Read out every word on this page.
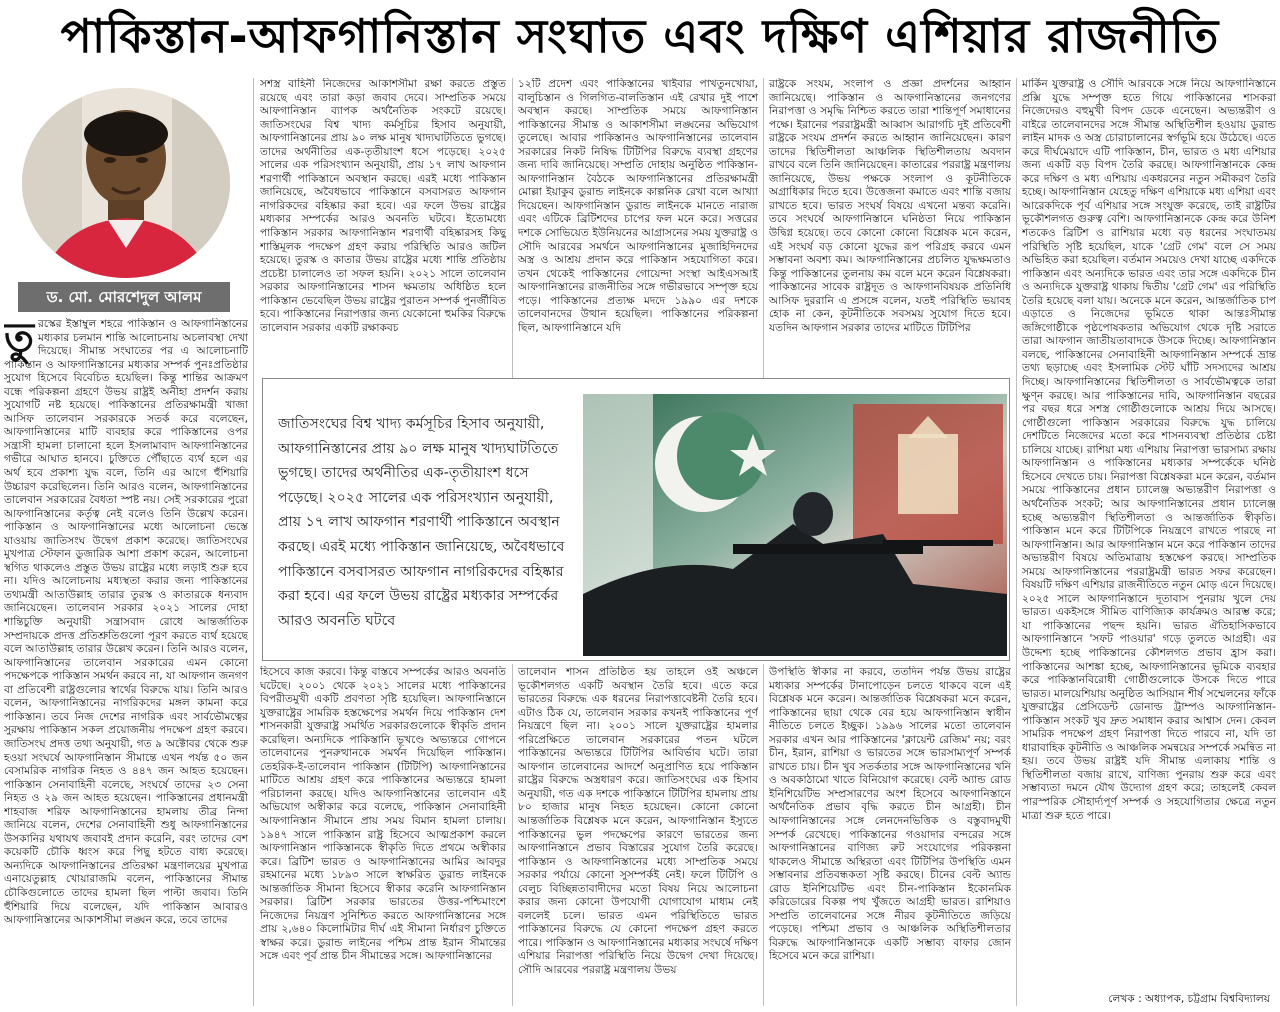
পাকিস্তান-আফগানিস্তান সংঘাত এবং দক্ষিণ এশিয়ার রাজনীতি
ড. মো. মোরশেদুল আলম

তুরস্কের ইস্তাম্বুল শহরে পাকিস্তান ও আফগানিস্তানের মধ্যকার চলমান শান্তি আলোচনায় অচলাবস্থা দেখা দিয়েছে। সীমান্ত সংঘাতের পর এ আলোচনাটি পাকিস্তান ও আফগানিস্তানের মধ্যকার সম্পর্ক পুনঃপ্রতিষ্ঠার সুযোগ হিসেবে বিবেচিত হয়েছিল। কিন্তু শান্তির আক্রমণ বন্ধে পরিকল্পনা গ্রহণে উভয় রাষ্ট্রই অনীহা প্রদর্শন করায় সুযোগটি নষ্ট হয়েছে। পাকিস্তানের প্রতিরক্ষামন্ত্রী খাজা আসিফ তালেবান সরকারকে সতর্ক করে বলেছেন, আফগানিস্তানের মাটি ব্যবহার করে পাকিস্তানের ওপর সন্ত্রাসী হামলা চালানো হলে ইসলামাবাদ আফগানিস্তানের গভীরে আঘাত হানবে। চুক্তিতে পৌঁছাতে ব্যর্থ হলে এর অর্থ হবে প্রকাশ্য যুদ্ধ বলে, তিনি এর আগে হুঁশিয়ারি উচ্চারণ করেছিলেন। তিনি আরও বলেন, আফগানিস্তানের তালেবান সরকারের বৈধতা স্পষ্ট নয়। সেই সরকারের পুরো আফগানিস্তানের কর্তৃত্ব নেই বলেও তিনি উল্লেখ করেন। পাকিস্তান ও আফগানিস্তানের মধ্যে আলোচনা ভেস্তে যাওয়ায় জাতিসংঘ উদ্বেগ প্রকাশ করেছে। জাতিসংঘের মুখপাত্র স্টেফান ডুজারিক আশা প্রকাশ করেন, আলোচনা স্থগিত থাকলেও প্রস্তুত উভয় রাষ্ট্রের মধ্যে লড়াই শুরু হবে না। যদিও আলোচনায় মধ্যস্থতা করার জন্য পাকিস্তানের তথ্যমন্ত্রী আতাউল্লাহ তারার তুরস্ক ও কাতারকে ধন্যবাদ জানিয়েছেন। তালেবান সরকার ২০২১ সালের দোহা শান্তিচুক্তি অনুযায়ী সন্ত্রাসবাদ রোধে আন্তর্জাতিক সম্প্রদায়কে প্রদত্ত প্রতিশ্রুতিগুলো পূরণ করতে ব্যর্থ হয়েছে বলে আতাউল্লাহ তারার উল্লেখ করেন। তিনি আরও বলেন, আফগানিস্তানের তালেবান সরকারের এমন কোনো পদক্ষেপকে পাকিস্তান সমর্থন করবে না, যা আফগান জনগণ বা প্রতিবেশী রাষ্ট্রগুলোর স্বার্থের বিরুদ্ধে যায়। তিনি আরও বলেন, আফগানিস্তানের নাগরিকদের মঙ্গল কামনা করে পাকিস্তান। তবে নিজ দেশের নাগরিক এবং সার্বভৌমত্বের সুরক্ষায় পাকিস্তান সকল প্রয়োজনীয় পদক্ষেপ গ্রহণ করবে। জাতিসংঘ প্রদত্ত তথ্য অনুযায়ী, গত ৯ অক্টোবর থেকে শুরু হওয়া সংঘর্ষে আফগানিস্তান সীমান্তে এখন পর্যন্ত ৫০ জন বেসামরিক নাগরিক নিহত ও ৪৪৭ জন আহত হয়েছেন। পাকিস্তান সেনাবাহিনী বলেছে, সংঘর্ষে তাদের ২৩ সেনা নিহত ও ২৯ জন আহত হয়েছেন। পাকিস্তানের প্রধানমন্ত্রী শাহবাজ শরিফ আফগানিস্তানের হামলায় তীব্র নিন্দা জানিয়ে বলেন, দেশের সেনাবাহিনী শুধু আফগানিস্তানের উসকানির যথাযথ জবাবই প্রদান করেনি, বরং তাদের বেশ কয়েকটি চৌকি ধ্বংস করে পিছু হটতে বাধ্য করেছে। অন্যদিকে আফগানিস্তানের প্রতিরক্ষা মন্ত্রণালয়ের মুখপাত্র এনায়েতুল্লাহ খোয়ারাজমি বলেন, পাকিস্তানের সীমান্ত চৌকিগুলোতে তাদের হামলা ছিল পাল্টা জবাব। তিনি হুঁশিয়ারি দিয়ে বলেছেন, যদি পাকিস্তান আবারও আফগানিস্তানের আকাশসীমা লঙ্ঘন করে, তবে তাদের

সশস্ত্র বাহিনী নিজেদের আকাশসীমা রক্ষা করতে প্রস্তুত রয়েছে এবং তারা কড়া জবাব দেবে। সাম্প্রতিক সময়ে আফগানিস্তান ব্যাপক অর্থনৈতিক সংকটে রয়েছে। জাতিসংঘের বিশ্ব খাদ্য কর্মসূচির হিসাব অনুযায়ী, আফগানিস্তানের প্রায় ৯০ লক্ষ মানুষ খাদ্যঘাটতিতে ভুগছে। তাদের অর্থনীতির এক-তৃতীয়াংশ ধসে পড়েছে। ২০২৫ সালের এক পরিসংখ্যান অনুযায়ী, প্রায় ১৭ লাখ আফগান শরণার্থী পাকিস্তানে অবস্থান করছে। এরই মধ্যে পাকিস্তান জানিয়েছে, অবৈধভাবে পাকিস্তানে বসবাসরত আফগান নাগরিকদের বহিষ্কার করা হবে। এর ফলে উভয় রাষ্ট্রের মধ্যকার সম্পর্কের আরও অবনতি ঘটবে। ইতোমধ্যে পাকিস্তান সরকার আফগানিস্তান শরণার্থী বহিষ্কারসহ কিছু শাস্তিমূলক পদক্ষেপ গ্রহণ করায় পরিস্থিতি আরও জটিল হয়েছে। তুরস্ক ও কাতার উভয় রাষ্ট্রের মধ্যে শান্তি প্রতিষ্ঠায় প্রচেষ্টা চালালেও তা সফল হয়নি। ২০২১ সালে তালেবান সরকার আফগানিস্তানের শাসন ক্ষমতায় অধিষ্ঠিত হলে পাকিস্তান ভেবেছিল উভয় রাষ্ট্রের পুরাতন সম্পর্ক পুনর্জীবিত হবে। পাকিস্তানের নিরাপত্তার জন্য যেকোনো হুমকির বিরুদ্ধে তালেবান সরকার একটি রক্ষাকবচ

১২টি প্রদেশ এবং পাকিস্তানের খাইবার পাখতুনখোয়া, বালুচিস্তান ও গিলগিত-বালতিস্তান এই রেখার দুই পাশে অবস্থান করছে। সাম্প্রতিক সময়ে আফগানিস্তান পাকিস্তানের সীমান্ত ও আকাশসীমা লঙ্ঘনের অভিযোগ তুলেছে। আবার পাকিস্তানও আফগানিস্তানের তালেবান সরকারের নিকট নিষিদ্ধ টিটিপির বিরুদ্ধে ব্যবস্থা গ্রহণের জন্য দাবি জানিয়েছে। সম্প্রতি দোহায় অনুষ্ঠিত পাকিস্তান-আফগানিস্তান বৈঠকে আফগানিস্তানের প্রতিরক্ষামন্ত্রী মোল্লা ইয়াকুব ডুরান্ড লাইনকে কাল্পনিক রেখা বলে আখ্যা দিয়েছেন। আফগানিস্তান ডুরান্ড লাইনকে মানতে নারাজ এবং এটিকে ব্রিটিশদের চাপের ফল মনে করে। সত্তরের দশকে সোভিয়েত ইউনিয়নের আগ্রাসনের সময় যুক্তরাষ্ট্র ও সৌদি আরবের সমর্থনে আফগানিস্তানের মুজাহিদিনদের অস্ত্র ও আশ্রয় প্রদান করে পাকিস্তান সহযোগিতা করে। তখন থেকেই পাকিস্তানের গোয়েন্দা সংস্থা আইএসআই আফগানিস্তানের রাজনীতির সঙ্গে গভীরভাবে সম্পৃক্ত হয়ে পড়ে। পাকিস্তানের প্রত্যক্ষ মদদে ১৯৯০ এর দশকে তালেবানদের উত্থান হয়েছিল। পাকিস্তানের পরিকল্পনা ছিল, আফগানিস্তানে যদি

রাষ্ট্রকে সংযম, সংলাপ ও প্রজ্ঞা প্রদর্শনের আহ্বান জানিয়েছে। পাকিস্তান ও আফগানিস্তানের জনগণের নিরাপত্তা ও সমৃদ্ধি নিশ্চিত করতে তারা শান্তিপূর্ণ সমাধানের পক্ষে। ইরানের পররাষ্ট্রমন্ত্রী আব্বাস আরাগচি দুই প্রতিবেশী রাষ্ট্রকে সংযম প্রদর্শন করতে আহ্বান জানিয়েছেন। কারণ তাদের স্থিতিশীলতা আঞ্চলিক স্থিতিশীলতায় অবদান রাখবে বলে তিনি জানিয়েছেন। কাতারের পররাষ্ট্র মন্ত্রণালয় জানিয়েছে, উভয় পক্ষকে সংলাপ ও কূটনীতিকে অগ্রাধিকার দিতে হবে। উত্তেজনা কমাতে এবং শান্তি বজায় রাখতে হবে। ভারত সংঘর্ষ বিষয়ে এখনো মন্তব্য করেনি। তবে সংঘর্ষে আফগানিস্তানে ঘনিষ্ঠতা নিয়ে পাকিস্তান উদ্বিগ্ন হয়েছে। তবে কোনো কোনো বিশ্লেষক মনে করেন, এই সংঘর্ষ বড় কোনো যুদ্ধের রূপ পরিগ্রহ করবে এমন সম্ভাবনা অবশ্য কম। আফগানিস্তানের প্রচলিত যুদ্ধক্ষমতাও কিন্তু পাকিস্তানের তুলনায় কম বলে মনে করেন বিশ্লেষকরা। পাকিস্তানের সাবেক রাষ্ট্রদূত ও আফগানবিষয়ক প্রতিনিধি আসিফ দুররানি এ প্রসঙ্গে বলেন, যতই পরিস্থিতি ভয়াবহ হোক না কেন, কূটনীতিকে সবসময় সুযোগ দিতে হবে। যতদিন আফগান সরকার তাদের মাটিতে টিটিপির

মার্কিন যুক্তরাষ্ট্র ও সৌদি আরবকে সঙ্গে নিয়ে আফগানিস্তানে প্রক্সি যুদ্ধে সম্পৃক্ত হতে গিয়ে পাকিস্তানের শাসকরা নিজেদেরও বহুমুখী বিপদ ডেকে এনেছেন। অভ্যন্তরীণ ও বাইরে তালেবানদের সঙ্গে সীমান্ত অস্থিতিশীল হওয়ায় ডুরান্ড লাইন মাদক ও অস্ত্র চোরাচালানের স্বর্গভূমি হয়ে উঠেছে। এতে করে দীর্ঘমেয়াদে এটি পাকিস্তান, চীন, ভারত ও মধ্য এশিয়ার জন্য একটি বড় বিপদ তৈরি করছে। আফগানিস্তানকে কেন্দ্র করে দক্ষিণ ও মধ্য এশিয়ায় একধরনের নতুন সমীকরণ তৈরি হচ্ছে। আফগানিস্তান যেহেতু দক্ষিণ এশিয়াকে মধ্য এশিয়া এবং আরেকদিকে পূর্ব এশিয়ার সঙ্গে সংযুক্ত করেছে, তাই রাষ্ট্রটির ভূকৌশলগত গুরুত্ব বেশি। আফগানিস্তানকে কেন্দ্র করে উনিশ শতকেও ব্রিটিশ ও রাশিয়ার মধ্যে বড় ধরনের সংঘাতময় পরিস্থিতি সৃষ্টি হয়েছিল, যাকে 'গ্রেট গেম' বলে সে সময় অভিহিত করা হয়েছিল। বর্তমান সময়েও দেখা যাচ্ছে একদিকে পাকিস্তান এবং অন্যদিকে ভারত এবং তার সঙ্গে একদিকে চীন ও অন্যদিকে যুক্তরাষ্ট্র থাকায় দ্বিতীয় 'গ্রেট গেম' এর পরিস্থিতি তৈরি হয়েছে বলা যায়। অনেকে মনে করেন, আন্তর্জাতিক চাপ এড়াতে ও নিজেদের ভূমিতে থাকা আন্তঃসীমান্ত জঙ্গিগোষ্ঠীকে পৃষ্ঠপোষকতার অভিযোগ থেকে দৃষ্টি সরাতে তারা আফগান জাতীয়তাবাদকে উসকে দিচ্ছে। আফগানিস্তান বলছে, পাকিস্তানের সেনাবাহিনী আফগানিস্তান সম্পর্কে ভ্রান্ত তথ্য ছড়াচ্ছে এবং ইসলামিক স্টেট ঘাঁটি সদস্যদের আশ্রয় দিচ্ছে। আফগানিস্তানের স্থিতিশীলতা ও সার্বভৌমত্বকে তারা ক্ষুণ্ন করছে। আর পাকিস্তানের দাবি, আফগানিস্তান বছরের পর বছর ধরে সশস্ত্র গোষ্ঠীগুলোকে আশ্রয় দিয়ে আসছে। গোষ্ঠীগুলো পাকিস্তান সরকারের বিরুদ্ধে যুদ্ধ চালিয়ে দেশটিতে নিজেদের মতো করে শাসনব্যবস্থা প্রতিষ্ঠার চেষ্টা চালিয়ে যাচ্ছে। রাশিয়া মধ্য এশিয়ায় নিরাপত্তা ভারসাম্য রক্ষায় আফগানিস্তান ও পাকিস্তানের মধ্যকার সম্পর্কেকে ঘনিষ্ঠ হিসেবে দেখতে চায়। নিরাপত্তা বিশ্লেষকরা মনে করেন, বর্তমান সময়ে পাকিস্তানের প্রধান চ্যালেঞ্জ অভ্যন্তরীণ নিরাপত্তা ও অর্থনৈতিক সংকট; আর আফগানিস্তানের প্রধান চ্যালেঞ্জ হচ্ছে অভ্যন্তরীণ স্থিতিশীলতা ও আন্তর্জাতিক স্বীকৃতি। পাকিস্তান মনে করে টিটিপিকে নিয়ন্ত্রণে রাখতে পারছে না আফগানিস্তান। আর আফগানিস্তান মনে করে পাকিস্তান তাদের অভ্যন্তরীণ বিষয়ে অতিমাত্রায় হস্তক্ষেপ করছে। সাম্প্রতিক সময়ে আফগানিস্তানের পররাষ্ট্রমন্ত্রী ভারত সফর করেছেন। বিষয়টি দক্ষিণ এশিয়ার রাজনীতিতে নতুন মোড় এনে দিয়েছে। ২০২৫ সালে আফগানিস্তানে দূতাবাস পুনরায় খুলে দেয় ভারত। একইসঙ্গে সীমিত বাণিজ্যিক কার্যক্রমও আরম্ভ করে; যা পাকিস্তানের পছন্দ হয়নি। ভারত ঐতিহাসিকভাবে আফগানিস্তানে 'সফট পাওয়ার' গড়ে তুলতে আগ্রহী। এর উদ্দেশ্য হচ্ছে পাকিস্তানের কৌশলগত প্রভাব হ্রাস করা। পাকিস্তানের আশঙ্কা হচ্ছে, আফগানিস্তানের ভূমিকে ব্যবহার করে পাকিস্তানবিরোধী গোষ্ঠীগুলোকে উসকে দিতে পারে ভারত। মালয়েশিয়ায় অনুষ্ঠিত আসিয়ান শীর্ষ সম্মেলনের ফাঁকে যুক্তরাষ্ট্রের প্রেসিডেন্ট ডোনাল্ড ট্রাম্পও আফগানিস্তান-পাকিস্তান সংকট খুব দ্রুত সমাধান করার আশ্বাস দেন। কেবল সামরিক পদক্ষেপ গ্রহণ নিরাপত্তা দিতে পারবে না, যদি তা ধারাবাহিক কূটনীতি ও আঞ্চলিক সমন্বয়ের সম্পর্কে সমন্বিত না হয়। তবে উভয় রাষ্ট্রই যদি সীমান্ত এলাকায় শান্তি ও স্থিতিশীলতা বজায় রাখে, বাণিজ্য পুনরায় শুরু করে এবং সম্ভাব্যতা দমনে যৌথ উদ্যোগ গ্রহণ করে; তাহলেই কেবল পারস্পরিক সৌহার্দ্যপূর্ণ সম্পর্ক ও সহযোগিতার ক্ষেত্রে নতুন মাত্রা শুরু হতে পারে।

জাতিসংঘের বিশ্ব খাদ্য কর্মসূচির হিসাব অনুযায়ী, আফগানিস্তানের প্রায় ৯০ লক্ষ মানুষ খাদ্যঘাটতিতে ভুগছে। তাদের অর্থনীতির এক-তৃতীয়াংশ ধসে পড়েছে। ২০২৫ সালের এক পরিসংখ্যান অনুযায়ী, প্রায় ১৭ লাখ আফগান শরণার্থী পাকিস্তানে অবস্থান করছে। এরই মধ্যে পাকিস্তান জানিয়েছে, অবৈধভাবে পাকিস্তানে বসবাসরত আফগান নাগরিকদের বহিষ্কার করা হবে। এর ফলে উভয় রাষ্ট্রের মধ্যকার সম্পর্কের আরও অবনতি ঘটবে

হিসেবে কাজ করবে। কিন্তু বাস্তবে সম্পর্কের আরও অবনতি ঘটেছে। ২০০১ থেকে ২০২১ সালের মধ্যে পাকিস্তানের বিপরীতমুখী একটি প্রবণতা সৃষ্টি হয়েছিল। আফগানিস্তানে যুক্তরাষ্ট্রের সামরিক হস্তক্ষেপের সমর্থন দিয়ে পাকিস্তান দেশ শাসনকারী যুক্তরাষ্ট্র সমর্থিত সরকারগুলোকে স্বীকৃতি প্রদান করেছিল। অন্যদিকে পাকিস্তানি ভূখণ্ডে অভ্যন্তরে গোপনে তালেবানের পুনরুত্থানকে সমর্থন দিয়েছিল পাকিস্তান। তেহরিক-ই-তালেবান পাকিস্তান (টিটিপি) আফগানিস্তানের মাটিতে আশ্রয় গ্রহণ করে পাকিস্তানের অভ্যন্তরে হামলা পরিচালনা করছে। যদিও আফগানিস্তানের তালেবান এই অভিযোগ অস্বীকার করে বলেছে, পাকিস্তান সেনাবাহিনী আফগানিস্তান সীমানে প্রায় সময় বিমান হামলা চালায়। ১৯৪৭ সালে পাকিস্তান রাষ্ট্র হিসেবে আত্মপ্রকাশ করলে আফগানিস্তান পাকিস্তানকে স্বীকৃতি দিতে প্রথমে অস্বীকার করে। ব্রিটিশ ভারত ও আফগানিস্তানের আমির আবদুর রহমানের মধ্যে ১৮৯৩ সালে স্বাক্ষরিত ডুরান্ড লাইনকে আন্তর্জাতিক সীমানা হিসেবে স্বীকার করেনি আফগানিস্তান সরকার। ব্রিটিশ সরকার ভারতের উত্তর-পশ্চিমাংশে নিজেদের নিয়ন্ত্রণ সুনিশ্চিত করতে আফগানিস্তানের সঙ্গে প্রায় ২,৬৪০ কিলোমিটার দীর্ঘ এই সীমানা নির্ধারণ চুক্তিতে স্বাক্ষর করে। ডুরান্ড লাইনের পশ্চিম প্রান্ত ইরান সীমান্তের সঙ্গে এবং পূর্ব প্রান্ত চীন সীমান্তের সঙ্গে। আফগানিস্তানের

তালেবান শাসন প্রতিষ্ঠিত হয় তাহলে ওই অঞ্চলে ভূকৌশলগত একটি অবস্থান তৈরি হবে। এতে করে ভারতের বিরুদ্ধে এক ধরনের নিরাপত্তাবেষ্টনী তৈরি হবে। এটাও ঠিক যে, তালেবান সরকার কখনই পাকিস্তানের পূর্ণ নিয়ন্ত্রণে ছিল না। ২০০১ সালে যুক্তরাষ্ট্রের হামলার পরিপ্রেক্ষিতে তালেবান সরকারের পতন ঘটলে পাকিস্তানের অভ্যন্তরে টিটিপির আবির্ভাব ঘটে। তারা আফগান তালেবানের আদর্শে অনুপ্রাণিত হয়ে পাকিস্তান রাষ্ট্রের বিরুদ্ধে অস্ত্রধারণ করে। জাতিসংঘের এক হিসাব অনুযায়ী, গত এক দশকে পাকিস্তানে টিটিপির হামলায় প্রায় ৮০ হাজার মানুষ নিহত হয়েছেন। কোনো কোনো আন্তর্জাতিক বিশ্লেষক মনে করেন, আফগানিস্তান ইস্যুতে পাকিস্তানের ভুল পদক্ষেপের কারণে ভারতের জন্য আফগানিস্তানে প্রভাব বিস্তারের সুযোগ তৈরি করেছে। পাকিস্তান ও আফগানিস্তানের মধ্যে সাম্প্রতিক সময়ে সরকার পর্যায়ে কোনো সুসম্পর্কই নেই। ফলে টিটিপি ও বেলুচ বিচ্ছিন্নতাবাদীদের মতো বিষয় নিয়ে আলোচনা করার জন্য কোনো উপযোগী যোগাযোগ মাধ্যম নেই বললেই চলে। ভারত এমন পরিস্থিতিতে ভারত পাকিস্তানের বিরুদ্ধে যে কোনো পদক্ষেপ গ্রহণ করতে পারে। পাকিস্তান ও আফগানিস্তানের মধ্যকার সংঘর্ষে দক্ষিণ এশিয়ার নিরাপত্তা পরিস্থিতি নিয়ে উদ্বেগ দেখা দিয়েছে। সৌদি আরবের পররাষ্ট্র মন্ত্রণালয় উভয়

উপস্থিতি স্বীকার না করবে, ততদিন পর্যন্ত উভয় রাষ্ট্রের মধ্যকার সম্পর্কের টানাপোড়েন চলতে থাকবে বলে এই বিশ্লেষক মনে করেন। আন্তর্জাতিক বিশ্লেষকরা মনে করেন, পাকিস্তানের ছায়া থেকে বের হয়ে আফগানিস্তান স্বাধীন নীতিতে চলতে ইচ্ছুক। ১৯৯৬ সালের মতো তালেবান সরকার এখন আর পাকিস্তানের 'ক্লায়েন্ট রেজিম' নয়; বরং চীন, ইরান, রাশিয়া ও ভারতের সঙ্গে ভারসাম্যপূর্ণ সম্পর্ক রাখতে চায়। চীন খুব সতর্কতার সঙ্গে আফগানিস্তানের খনি ও অবকাঠামো খাতে বিনিয়োগ করেছে। বেল্ট অ্যান্ড রোড ইনিশিয়েটিভ সম্প্রসারণের অংশ হিসেবে আফগানিস্তানে অর্থনৈতিক প্রভাব বৃদ্ধি করতে চীন আগ্রহী। চীন আফগানিস্তানের সঙ্গে লেনদেনভিত্তিক ও বস্তুবাদমুখী সম্পর্ক রেখেছে। পাকিস্তানের গওয়াদার বন্দরের সঙ্গে আফগানিস্তানের বাণিজ্য রুট সংযোগের পরিকল্পনা থাকলেও সীমান্তে অস্থিরতা এবং টিটিপির উপস্থিতি এমন সম্ভাবনার প্রতিবন্ধকতা সৃষ্টি করছে। চীনের বেল্ট অ্যান্ড রোড ইনিশিয়েটিভ এবং চীন-পাকিস্তান ইকোনমিক করিডোরের বিকল্প পথ খুঁজতে আগ্রহী ভারত। রাশিয়াও সম্প্রতি তালেবানের সঙ্গে নীরব কূটনীতিতে জড়িয়ে পড়েছে। পশ্চিমা প্রভাব ও আঞ্চলিক অস্থিতিশীলতার বিরুদ্ধে আফগানিস্তানকে একটি সম্ভাব্য বাফার জোন হিসেবে মনে করে রাশিয়া।

লেখক : অধ্যাপক, চট্টগ্রাম বিশ্ববিদ্যালয়
